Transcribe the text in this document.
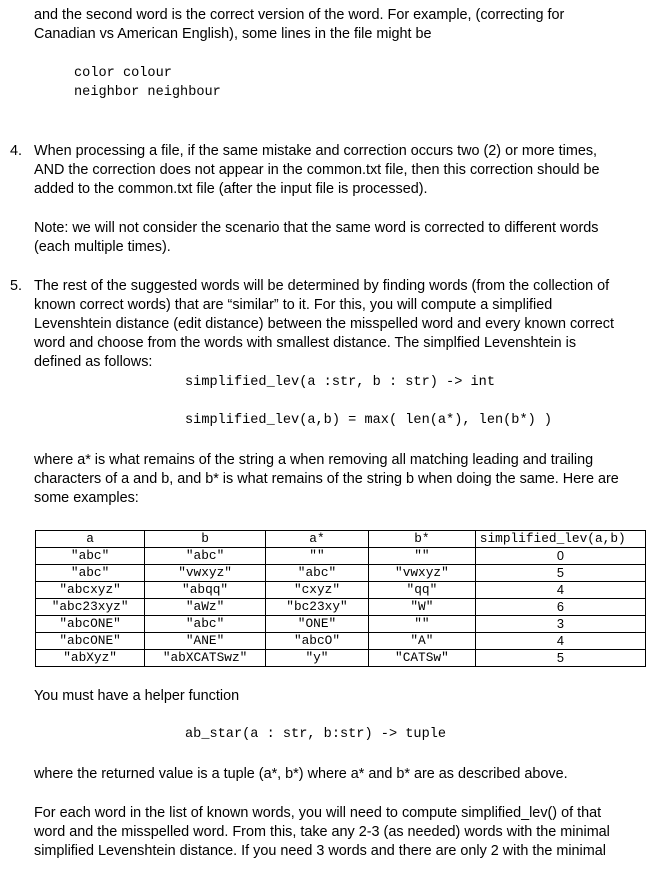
and the second word is the correct version of the word. For example, (correcting for

Canadian vs American English), some lines in the file might be

color colour

neighbor neighbour

4. When processing a file, if the same mistake and correction occurs two (2) or more times,

AND the correction does not appear in the common.txt file, then this correction should be

added to the common.txt file (after the input file is processed).

Note: we will not consider the scenario that the same word is corrected to different words

(each multiple times).

5. The rest of the suggested words will be determined by finding words (from the collection of

known correct words) that are “similar” to it. For this, you will compute a simplified

Levenshtein distance (edit distance) between the misspelled word and every known correct

word and choose from the words with smallest distance. The simplfied Levenshtein is

defined as follows:

simplified_lev(a :str, b : str) -> int

simplified_lev(a,b) = max( len(a*), len(b*) )

where a* is what remains of the string a when removing all matching leading and trailing

characters of a and b, and b* is what remains of the string b when doing the same. Here are

some examples:

a	b	a*	b*	simplified_lev(a,b)
"abc"	"abc"	""	""	0
"abc"	"vwxyz"	"abc"	"vwxyz"	5
"abcxyz"	"abqq"	"cxyz"	"qq"	4
"abc23xyz"	"aWz"	"bc23xy"	"W"	6
"abcONE"	"abc"	"ONE"	""	3
"abcONE"	"ANE"	"abcO"	"A"	4
"abXyz"	"abXCATSwz"	"y"	"CATSw"	5

You must have a helper function

ab_star(a : str, b:str) -> tuple

where the returned value is a tuple (a*, b*) where a* and b* are as described above.

For each word in the list of known words, you will need to compute simplified_lev() of that

word and the misspelled word. From this, take any 2-3 (as needed) words with the minimal

simplified Levenshtein distance. If you need 3 words and there are only 2 with the minimal
